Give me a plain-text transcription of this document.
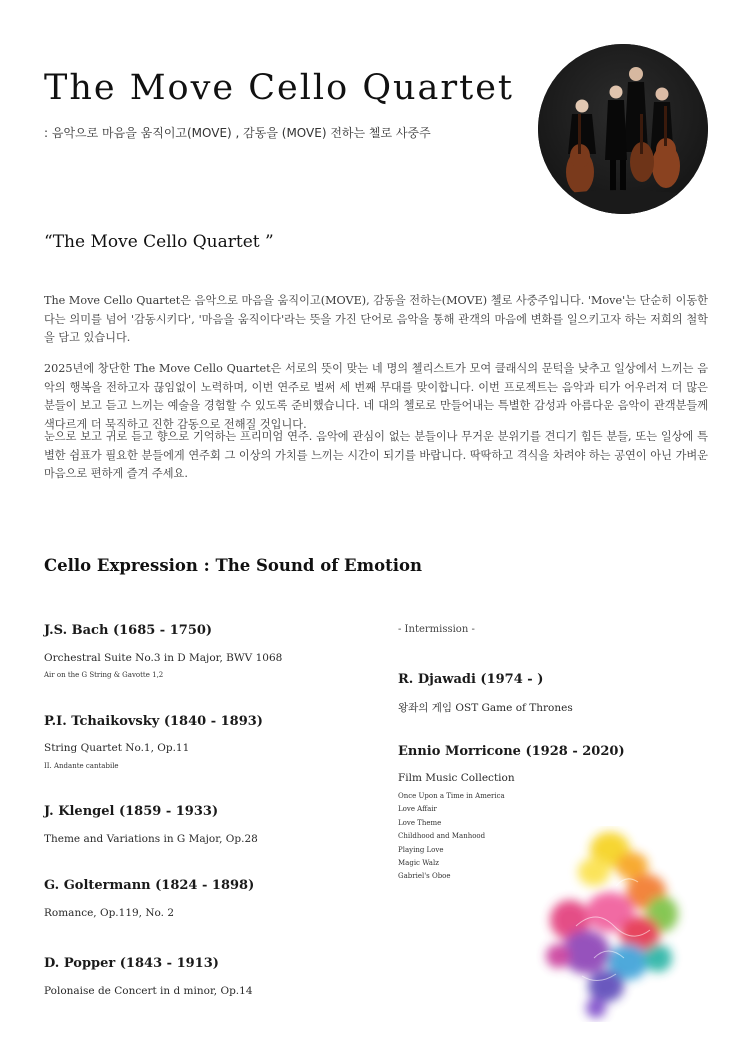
The Move Cello Quartet

: 음악으로 마음을 움직이고(MOVE) , 감동을 (MOVE) 전하는 첼로 사중주

“The Move Cello Quartet ”

The Move Cello Quartet은 음악으로 마음을 움직이고(MOVE), 감동을 전하는(MOVE) 첼로 사중주입니다. 'Move'는 단순히 이동한다는 의미를 넘어 '감동시키다', '마음을 움직이다'라는 뜻을 가진 단어로 음악을 통해 관객의 마음에 변화를 일으키고자 하는 저희의 철학을 담고 있습니다.

2025년에 창단한 The Move Cello Quartet은 서로의 뜻이 맞는 네 명의 첼리스트가 모여 클래식의 문턱을 낮추고 일상에서 느끼는 음악의 행복을 전하고자 끊임없이 노력하며, 이번 연주로 벌써 세 번째 무대를 맞이합니다. 이번 프로젝트는 음악과 티가 어우러져 더 많은 분들이 보고 듣고 느끼는 예술을 경험할 수 있도록 준비했습니다. 네 대의 첼로로 만들어내는 특별한 감성과 아름다운 음악이 관객분들께 색다르게 더 묵직하고 진한 감동으로 전해질 것입니다.

눈으로 보고 귀로 듣고 향으로 기억하는 프리미엄 연주. 음악에 관심이 없는 분들이나 무거운 분위기를 견디기 힘든 분들, 또는 일상에 특별한 쉼표가 필요한 분들에게 연주회 그 이상의 가치를 느끼는 시간이 되기를 바랍니다. 딱딱하고 격식을 차려야 하는 공연이 아닌 가벼운 마음으로 편하게 즐겨 주세요.

Cello Expression : The Sound of Emotion

J.S. Bach (1685 - 1750)

Orchestral Suite No.3 in D Major, BWV 1068

Air on the G String & Gavotte 1,2

P.I. Tchaikovsky (1840 - 1893)

String Quartet No.1, Op.11

II. Andante cantabile

J. Klengel (1859 - 1933)

Theme and Variations in G Major, Op.28

G. Goltermann (1824 - 1898)

Romance, Op.119, No. 2

D. Popper (1843 - 1913)

Polonaise de Concert in d minor, Op.14

- Intermission -

R. Djawadi (1974 - )

왕좌의 게임 OST Game of Thrones

Ennio Morricone (1928 - 2020)

Film Music Collection

Once Upon a Time in America
Love Affair
Love Theme
Childhood and Manhood
Playing Love
Magic Walz
Gabriel's Oboe
